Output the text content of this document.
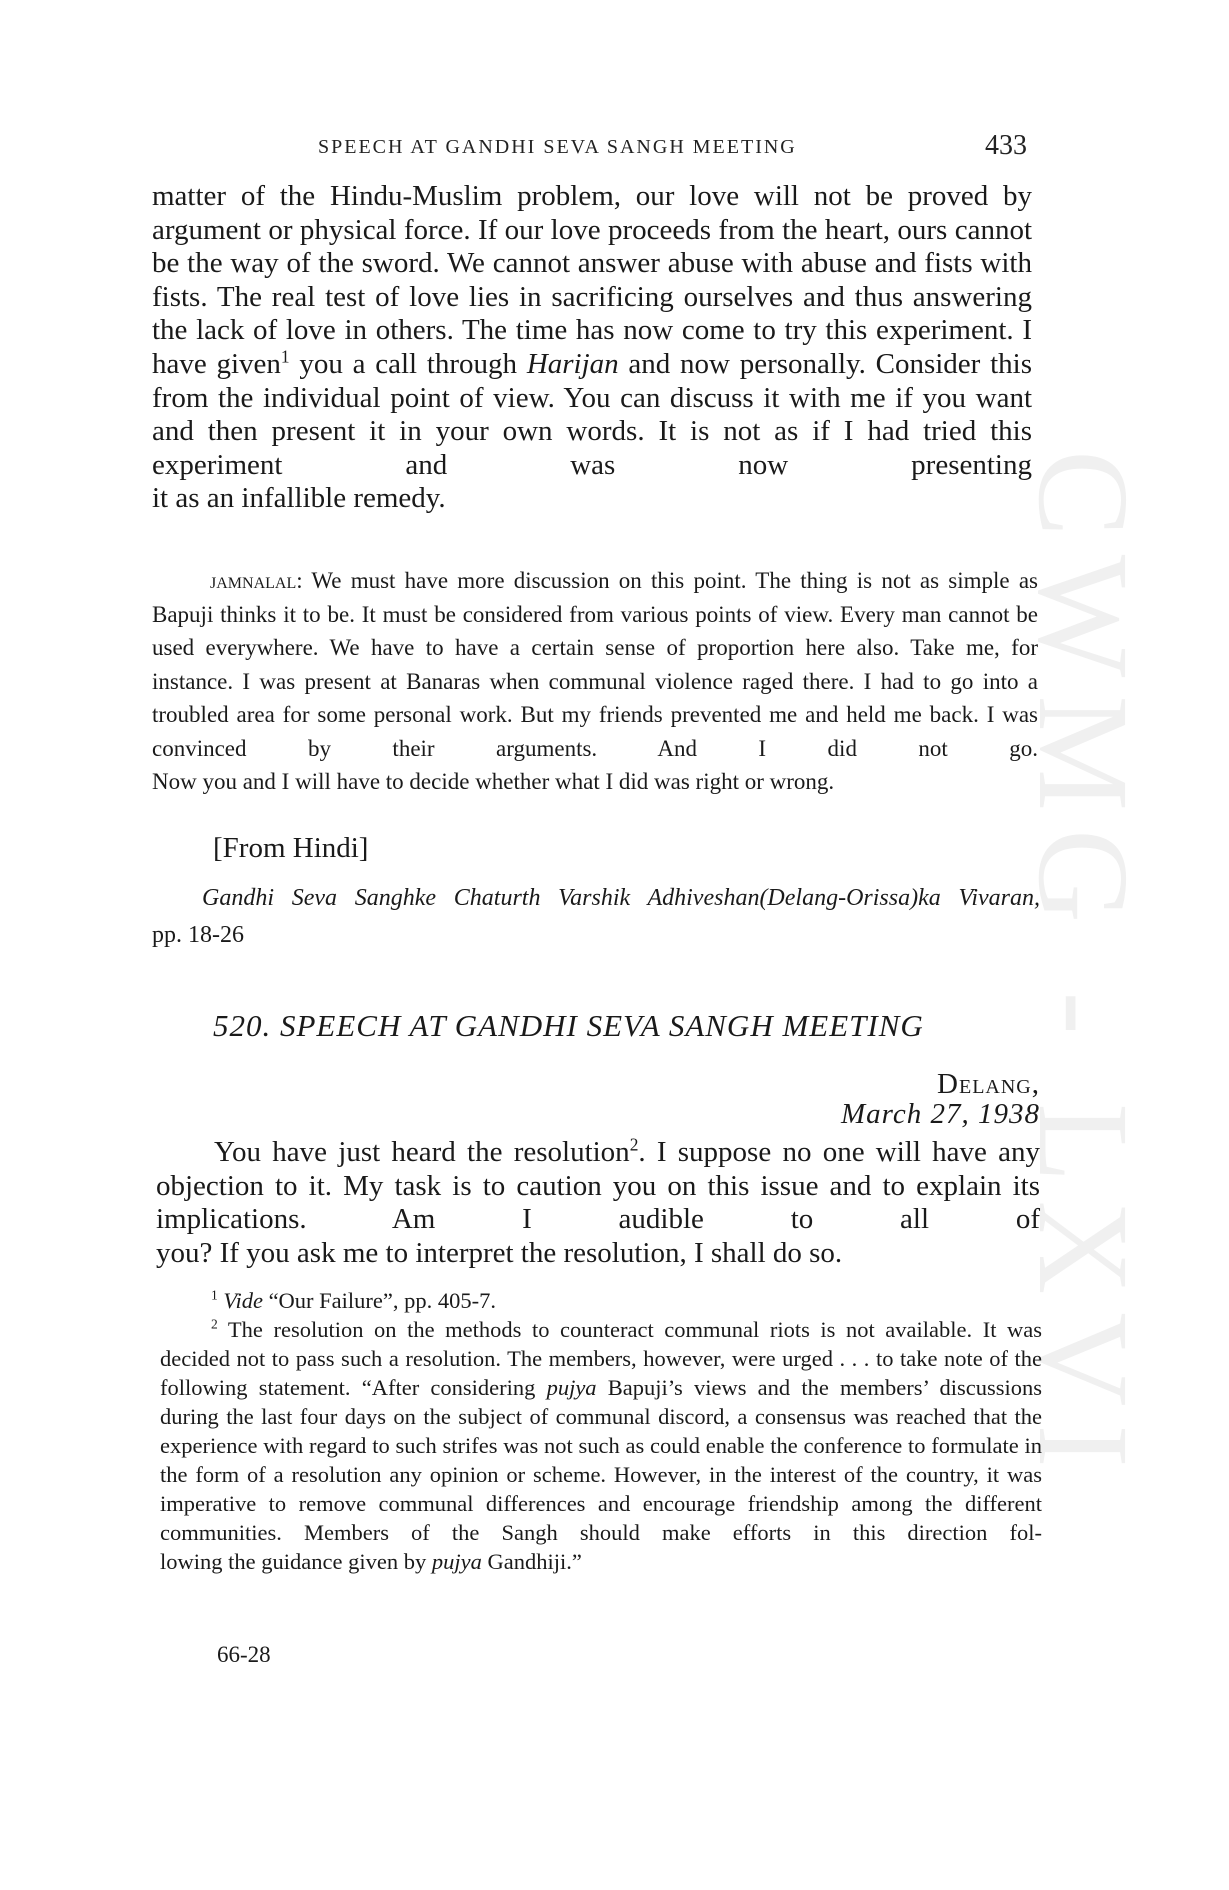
CWMG - LXVI
SPEECH AT GANDHI SEVA SANGH MEETING	433

matter of the Hindu-Muslim problem, our love will not be proved by argument or physical force. If our love proceeds from the heart, ours cannot be the way of the sword. We cannot answer abuse with abuse and fists with fists. The real test of love lies in sacrificing ourselves and thus answering the lack of love in others. The time has now come to try this experiment. I have given$^1$ you a call through Harijan and now personally. Consider this from the individual point of view. You can discuss it with me if you want and then present it in your own words. It is not as if I had tried this experiment and was now presenting

it as an infallible remedy.

jamnalal: We must have more discussion on this point. The thing is not as simple as Bapuji thinks it to be. It must be considered from various points of view. Every man cannot be used everywhere. We have to have a certain sense of proportion here also. Take me, for instance. I was present at Banaras when communal violence raged there. I had to go into a troubled area for some personal work. But my friends prevented me and held me back. I was convinced by their arguments. And I did not go.

Now you and I will have to decide whether what I did was right or wrong.

[From Hindi]
Gandhi Seva Sanghke Chaturth Varshik Adhiveshan(Delang-Orissa)ka Vivaran,
pp. 18-26
520. SPEECH AT GANDHI SEVA SANGH MEETING
Delang,
March 27, 1938

You have just heard the resolution$^2$. I suppose no one will have any objection to it. My task is to caution you on this issue and to explain its implications. Am I audible to all of

you? If you ask me to interpret the resolution, I shall do so.

$^1$ Vide “Our Failure”, pp. 405-7.

$^2$ The resolution on the methods to counteract communal riots is not available. It was decided not to pass such a resolution. The members, however, were urged . . . to take note of the following statement. “After considering pujya Bapuji’s views and the members’ discussions during the last four days on the subject of communal discord, a consensus was reached that the experience with regard to such strifes was not such as could enable the conference to formulate in the form of a resolution any opinion or scheme. However, in the interest of the country, it was imperative to remove communal differences and encourage friendship among the different communities. Members of the Sangh should make efforts in this direction fol-

lowing the guidance given by pujya Gandhiji.”

66-28
